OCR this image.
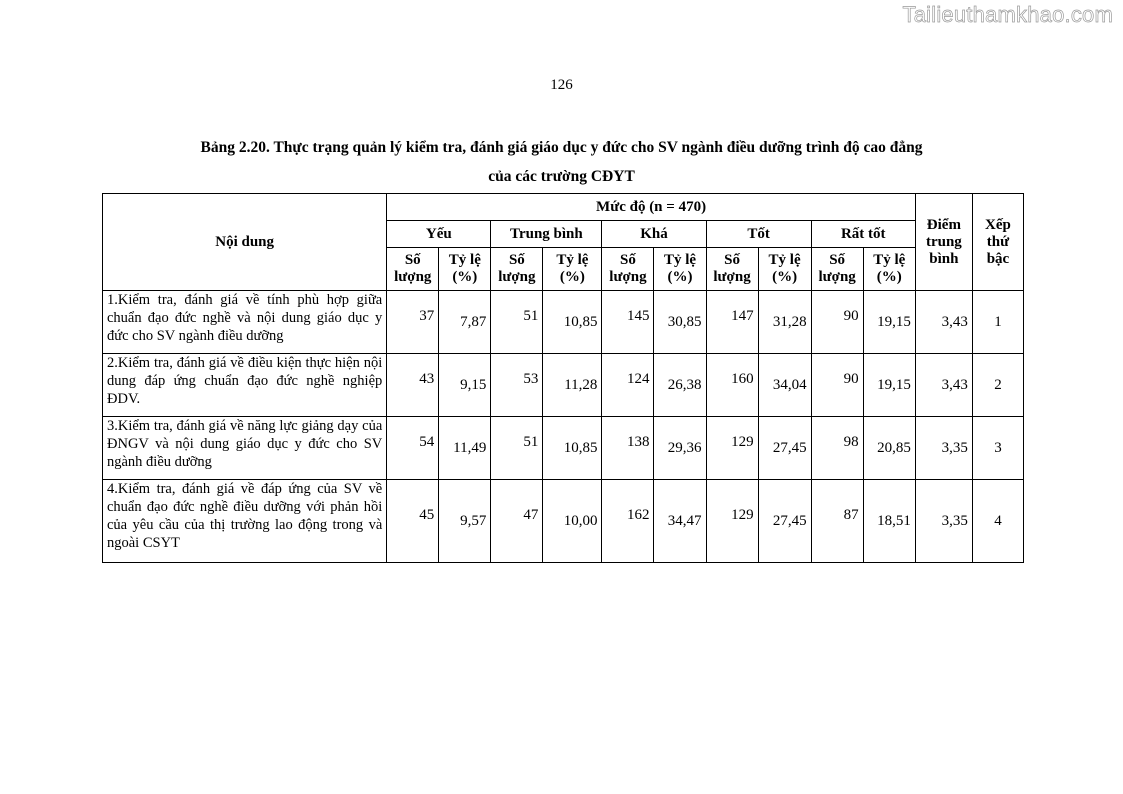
Tailieuthamkhao.com
126
Bảng 2.20. Thực trạng quản lý kiểm tra, đánh giá giáo dục y đức cho SV ngành điều dưỡng trình độ cao đẳng
của các trường CĐYT
Nội dung	Mức độ (n = 470)										Điểm trung bình	Xếp thứ bậc
	Yếu		Trung bình		Khá		Tốt		Rất tốt			
	Số lượng	Tỷ lệ (%)	Số lượng	Tỷ lệ (%)	Số lượng	Tỷ lệ (%)	Số lượng	Tỷ lệ (%)	Số lượng	Tỷ lệ (%)		
1.Kiểm tra, đánh giá về tính phù hợp giữa chuẩn đạo đức nghề và nội dung giáo dục y đức cho SV ngành điều dưỡng	37	7,87	51	10,85	145	30,85	147	31,28	90	19,15	3,43	1
2.Kiểm tra, đánh giá về điều kiện thực hiện nội dung đáp ứng chuẩn đạo đức nghề nghiệp ĐDV.	43	9,15	53	11,28	124	26,38	160	34,04	90	19,15	3,43	2
3.Kiểm tra, đánh giá về năng lực giảng dạy của ĐNGV và nội dung giáo dục y đức cho SV ngành điều dưỡng	54	11,49	51	10,85	138	29,36	129	27,45	98	20,85	3,35	3
4.Kiểm tra, đánh giá về đáp ứng của SV về chuẩn đạo đức nghề điều dưỡng với phản hồi của yêu cầu của thị trường lao động trong và ngoài CSYT	45	9,57	47	10,00	162	34,47	129	27,45	87	18,51	3,35	4
